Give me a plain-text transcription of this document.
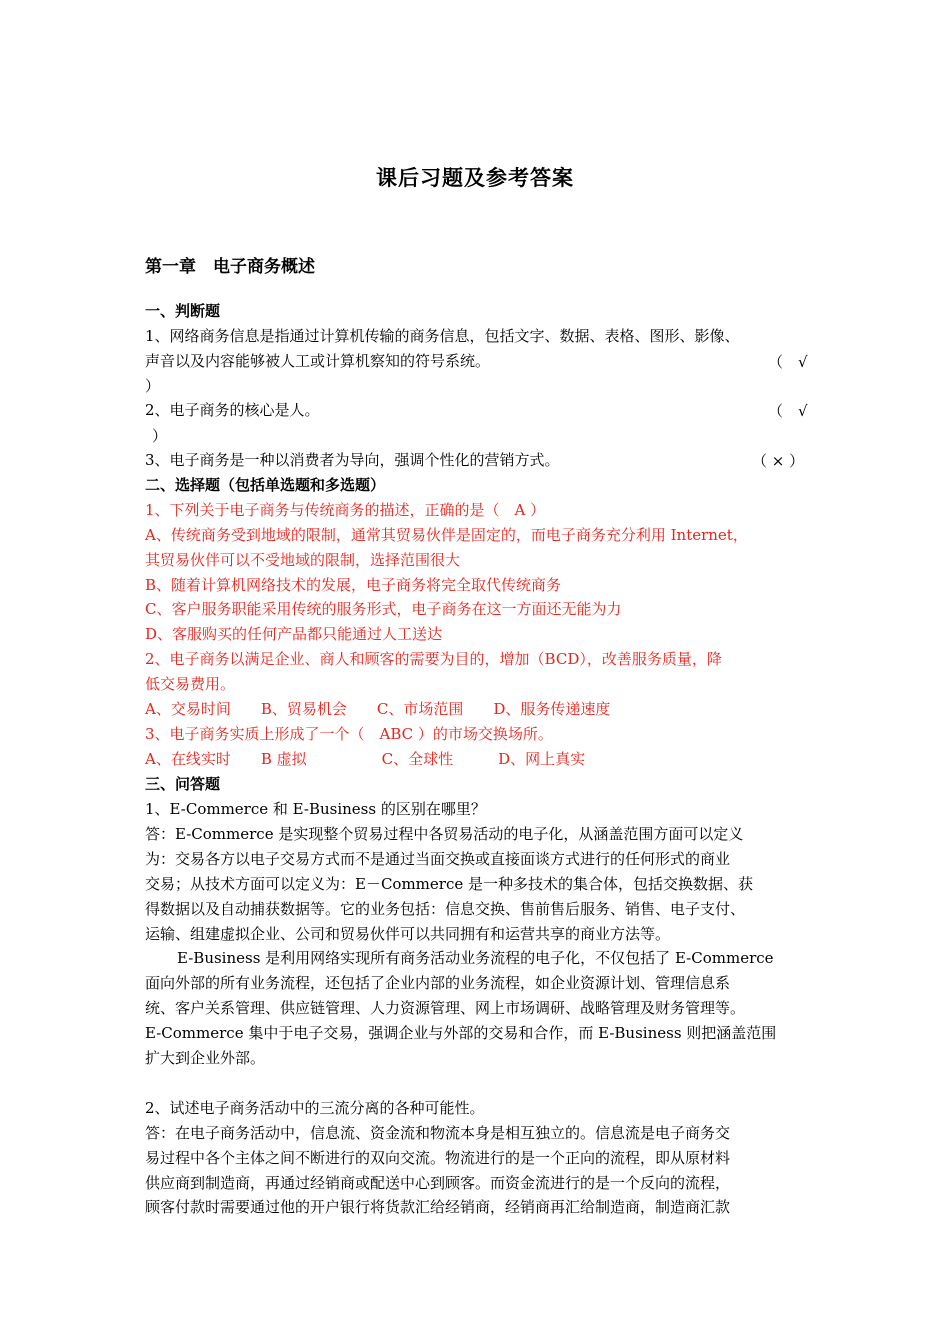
课后习题及参考答案
第一章　电子商务概述
一、判断题
1、网络商务信息是指通过计算机传输的商务信息，包括文字、数据、表格、图形、影像、
声音以及内容能够被人工或计算机察知的符号系统。	（　√
）
2、电子商务的核心是人。	（　√
）
3、电子商务是一种以消费者为导向，强调个性化的营销方式。	（ × ）
二、选择题（包括单选题和多选题）
1、下列关于电子商务与传统商务的描述，正确的是（　A ）
A、传统商务受到地域的限制，通常其贸易伙伴是固定的，而电子商务充分利用 Internet，
其贸易伙伴可以不受地域的限制，选择范围很大
B、随着计算机网络技术的发展，电子商务将完全取代传统商务
C、客户服务职能采用传统的服务形式，电子商务在这一方面还无能为力
D、客服购买的任何产品都只能通过人工送达
2、电子商务以满足企业、商人和顾客的需要为目的，增加（BCD），改善服务质量，降
低交易费用。
A、交易时间　　B、贸易机会　　C、市场范围　　D、服务传递速度
3、电子商务实质上形成了一个（　ABC ）的市场交换场所。
A、在线实时　　B 虚拟　　　　　C、全球性　　　D、网上真实
三、问答题
1、E-Commerce 和 E-Business 的区别在哪里？
答：E-Commerce 是实现整个贸易过程中各贸易活动的电子化，从涵盖范围方面可以定义
为：交易各方以电子交易方式而不是通过当面交换或直接面谈方式进行的任何形式的商业
交易；从技术方面可以定义为：E－Commerce 是一种多技术的集合体，包括交换数据、获
得数据以及自动捕获数据等。它的业务包括：信息交换、售前售后服务、销售、电子支付、
运输、组建虚拟企业、公司和贸易伙伴可以共同拥有和运营共享的商业方法等。
E-Business 是利用网络实现所有商务活动业务流程的电子化，不仅包括了 E-Commerce
面向外部的所有业务流程，还包括了企业内部的业务流程，如企业资源计划、管理信息系
统、客户关系管理、供应链管理、人力资源管理、网上市场调研、战略管理及财务管理等。
E-Commerce 集中于电子交易，强调企业与外部的交易和合作，而 E-Business 则把涵盖范围
扩大到企业外部。
2、试述电子商务活动中的三流分离的各种可能性。
答：在电子商务活动中，信息流、资金流和物流本身是相互独立的。信息流是电子商务交
易过程中各个主体之间不断进行的双向交流。物流进行的是一个正向的流程，即从原材料
供应商到制造商，再通过经销商或配送中心到顾客。而资金流进行的是一个反向的流程，
顾客付款时需要通过他的开户银行将货款汇给经销商，经销商再汇给制造商，制造商汇款
